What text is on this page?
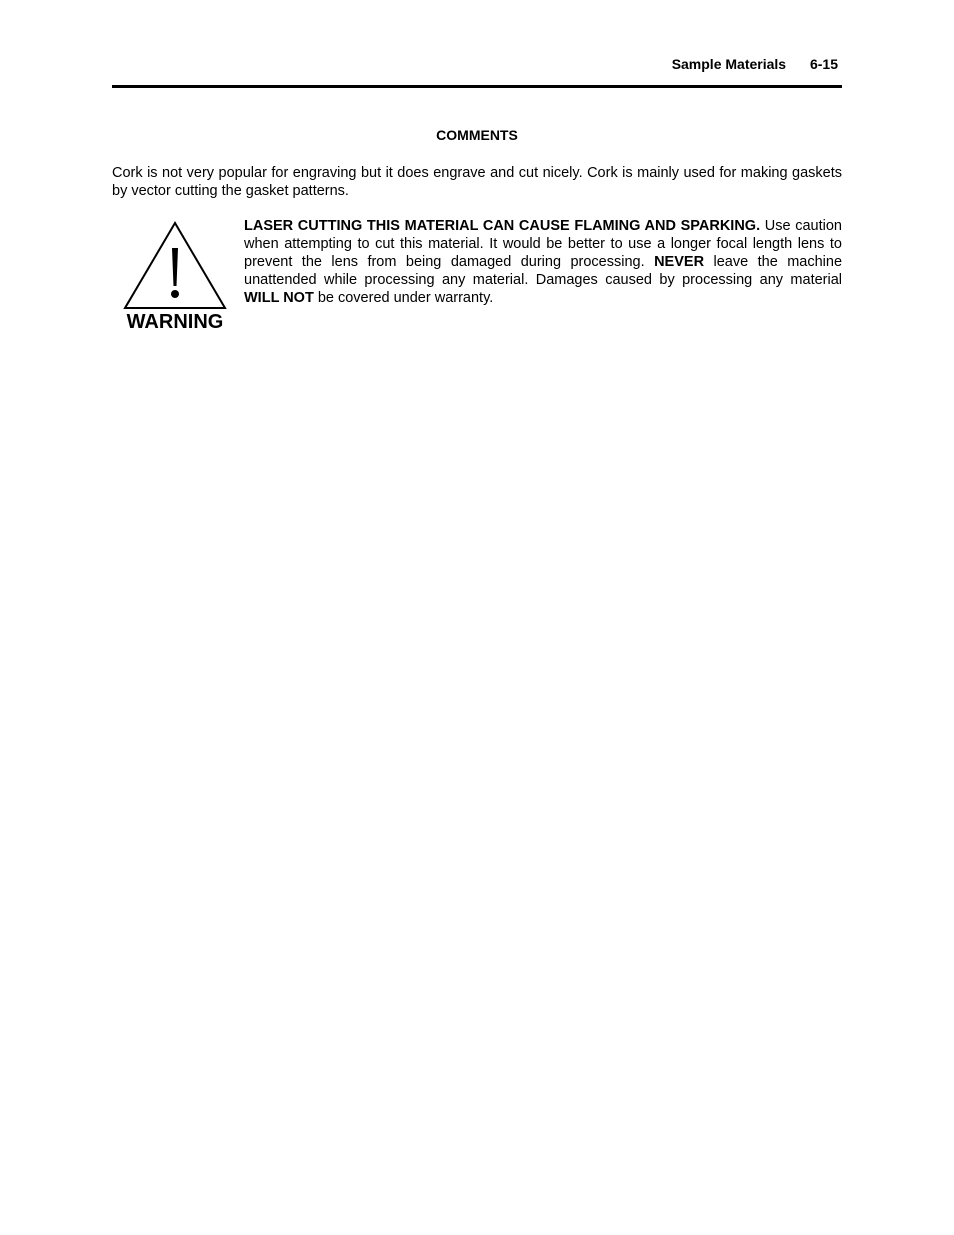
Sample Materials 6-15
COMMENTS
Cork is not very popular for engraving but it does engrave and cut nicely. Cork is mainly used for making gaskets by vector cutting the gasket patterns.
WARNING
LASER CUTTING THIS MATERIAL CAN CAUSE FLAMING AND SPARKING. Use caution when attempting to cut this material. It would be better to use a longer focal length lens to prevent the lens from being damaged during processing. NEVER leave the machine unattended while processing any material. Damages caused by processing any material WILL NOT be covered under warranty.
